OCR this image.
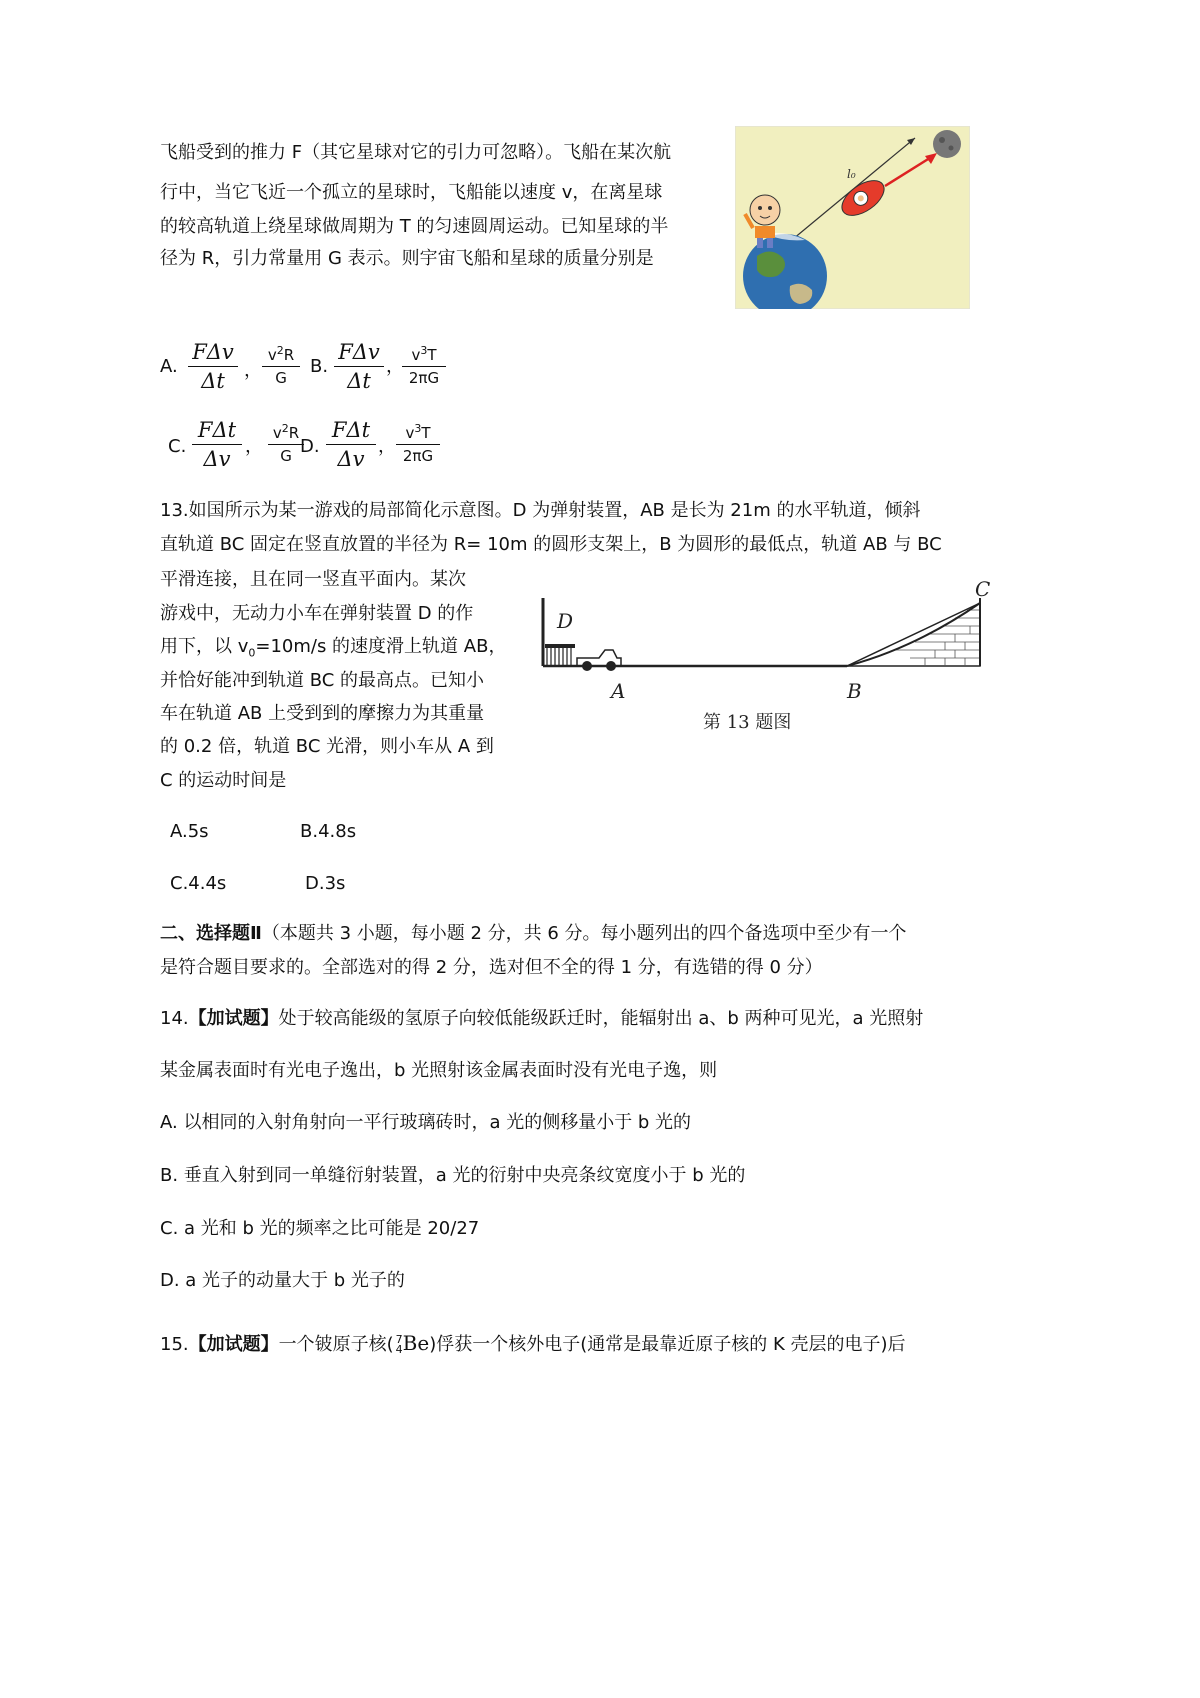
飞船受到的推力 F（其它星球对它的引力可忽略）。飞船在某次航
行中，当它飞近一个孤立的星球时，飞船能以速度 v，在离星球
的较高轨道上绕星球做周期为 T 的匀速圆周运动。已知星球的半
径为 R，引力常量用 G 表示。则宇宙飞船和星球的质量分别是
l₀
A.
FΔv
Δt	，
$v^2R$
G
B.
FΔv
Δt
，
$v^3T$
2πG
C.
FΔt
Δv
，
$v^2R$
G D.
FΔt
Δv
，
$v^3T$
2πG
13.如国所示为某一游戏的局部简化示意图。D 为弹射装置，AB 是长为 21m 的水平轨道，倾斜
直轨道 BC 固定在竖直放置的半径为 R= 10m 的圆形支架上，B 为圆形的最低点，轨道 AB 与 BC
平滑连接，且在同一竖直平面内。某次
游戏中，无动力小车在弹射装置 D 的作
用下，以 $v_0=10m/s$ 的速度滑上轨道 AB，
并恰好能冲到轨道 BC 的最高点。已知小
车在轨道 AB 上受到到的摩擦力为其重量
的 0.2 倍，轨道 BC 光滑，则小车从 A 到
C 的运动时间是
D
C
A	B
第 13 题图
A.5s	B.4.8s
C.4.4s	D.3s
二、选择题Ⅱ（本题共 3 小题，每小题 2 分，共 6 分。每小题列出的四个备选项中至少有一个
是符合题目要求的。全部选对的得 2 分，选对但不全的得 1 分，有选错的得 0 分）
14.【加试题】处于较高能级的氢原子向较低能级跃迁时，能辐射出 a、b 两种可见光，a 光照射
某金属表面时有光电子逸出，b 光照射该金属表面时没有光电子逸，则
A. 以相同的入射角射向一平行玻璃砖时，a 光的侧移量小于 b 光的
B. 垂直入射到同一单缝衍射装置，a 光的衍射中央亮条纹宽度小于 b 光的
C. a 光和 b 光的频率之比可能是 20/27
D. a 光子的动量大于 b 光子的
15.【加试题】一个铍原子核( 7
4 Be)俘获一个核外电子(通常是最靠近原子核的 K 壳层的电子)后
